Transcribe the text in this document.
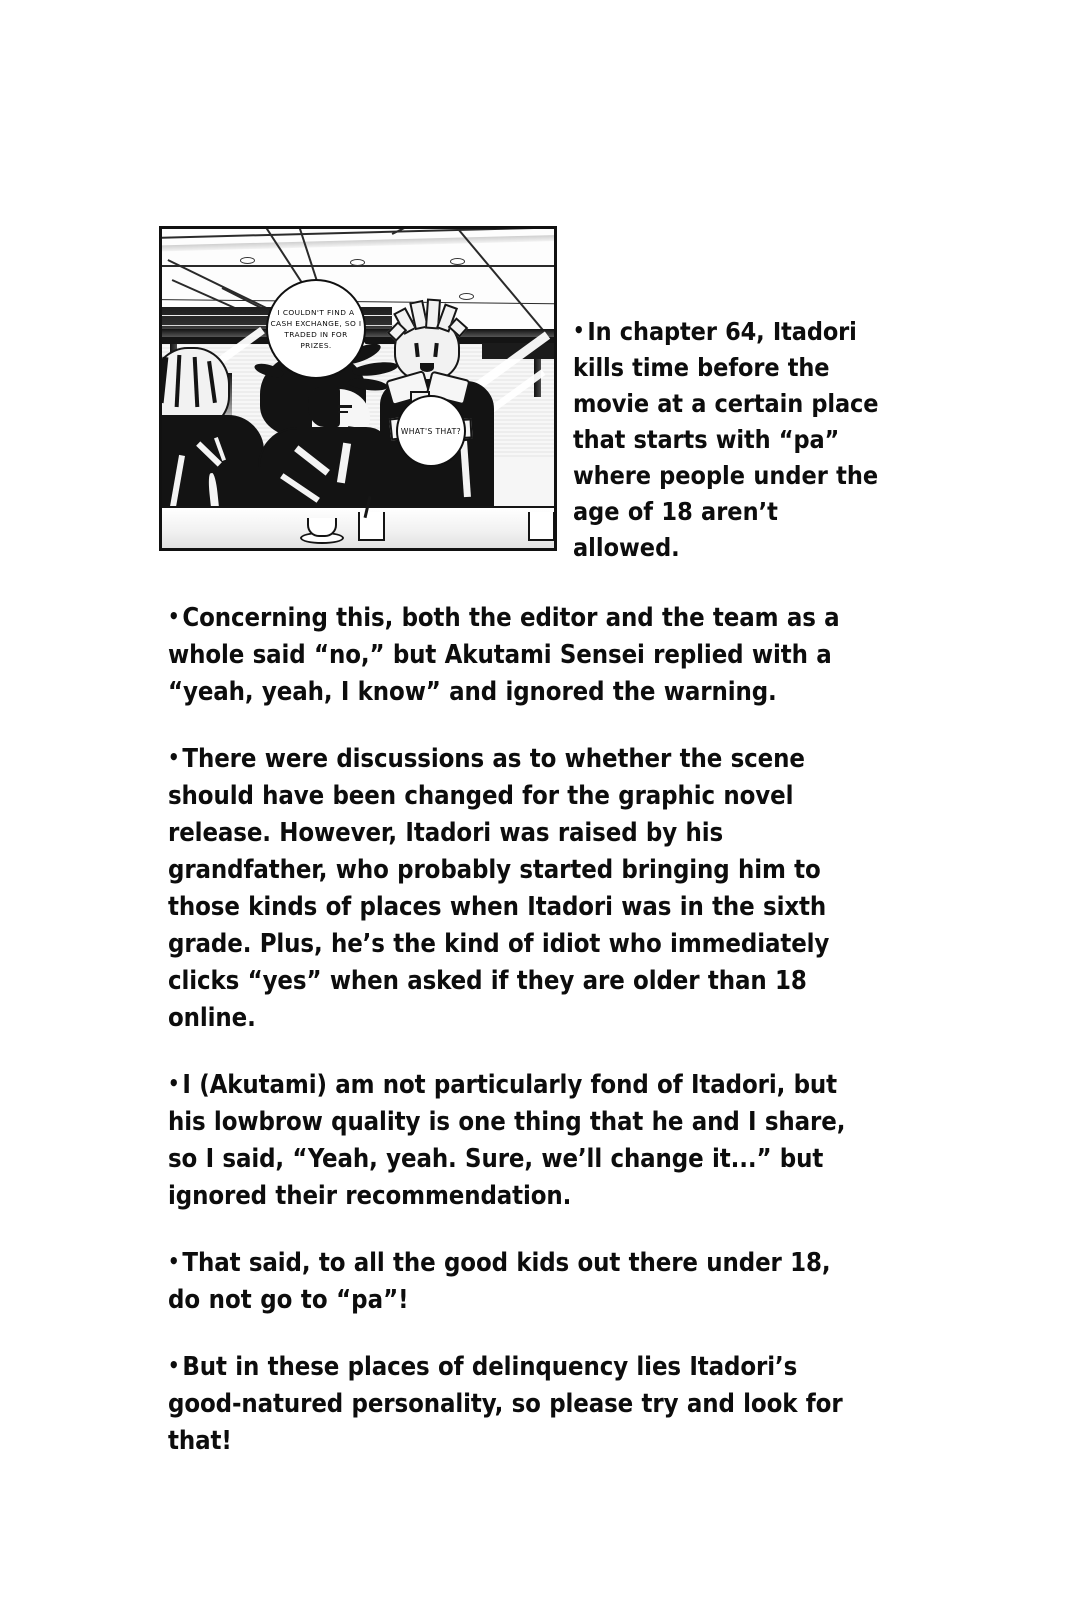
I COULDN'T FIND A CASH EXCHANGE, SO I TRADED IN FOR PRIZES.
WHAT'S THAT?

• In chapter 64, Itadori kills time before the movie at a certain place that starts with “pa” where people under the age of 18 aren’t allowed.

• Concerning this, both the editor and the team as a whole said “no,” but Akutami Sensei replied with a “yeah, yeah, I know” and ignored the warning.

• There were discussions as to whether the scene should have been changed for the graphic novel release. However, Itadori was raised by his grandfather, who probably started bringing him to those kinds of places when Itadori was in the sixth grade. Plus, he’s the kind of idiot who immediately clicks “yes” when asked if they are older than 18 online.

• I (Akutami) am not particularly fond of Itadori, but his lowbrow quality is one thing that he and I share, so I said, “Yeah, yeah. Sure, we’ll change it...” but ignored their recommendation.

• That said, to all the good kids out there under 18, do not go to “pa”!

• But in these places of delinquency lies Itadori’s good-natured personality, so please try and look for that!
